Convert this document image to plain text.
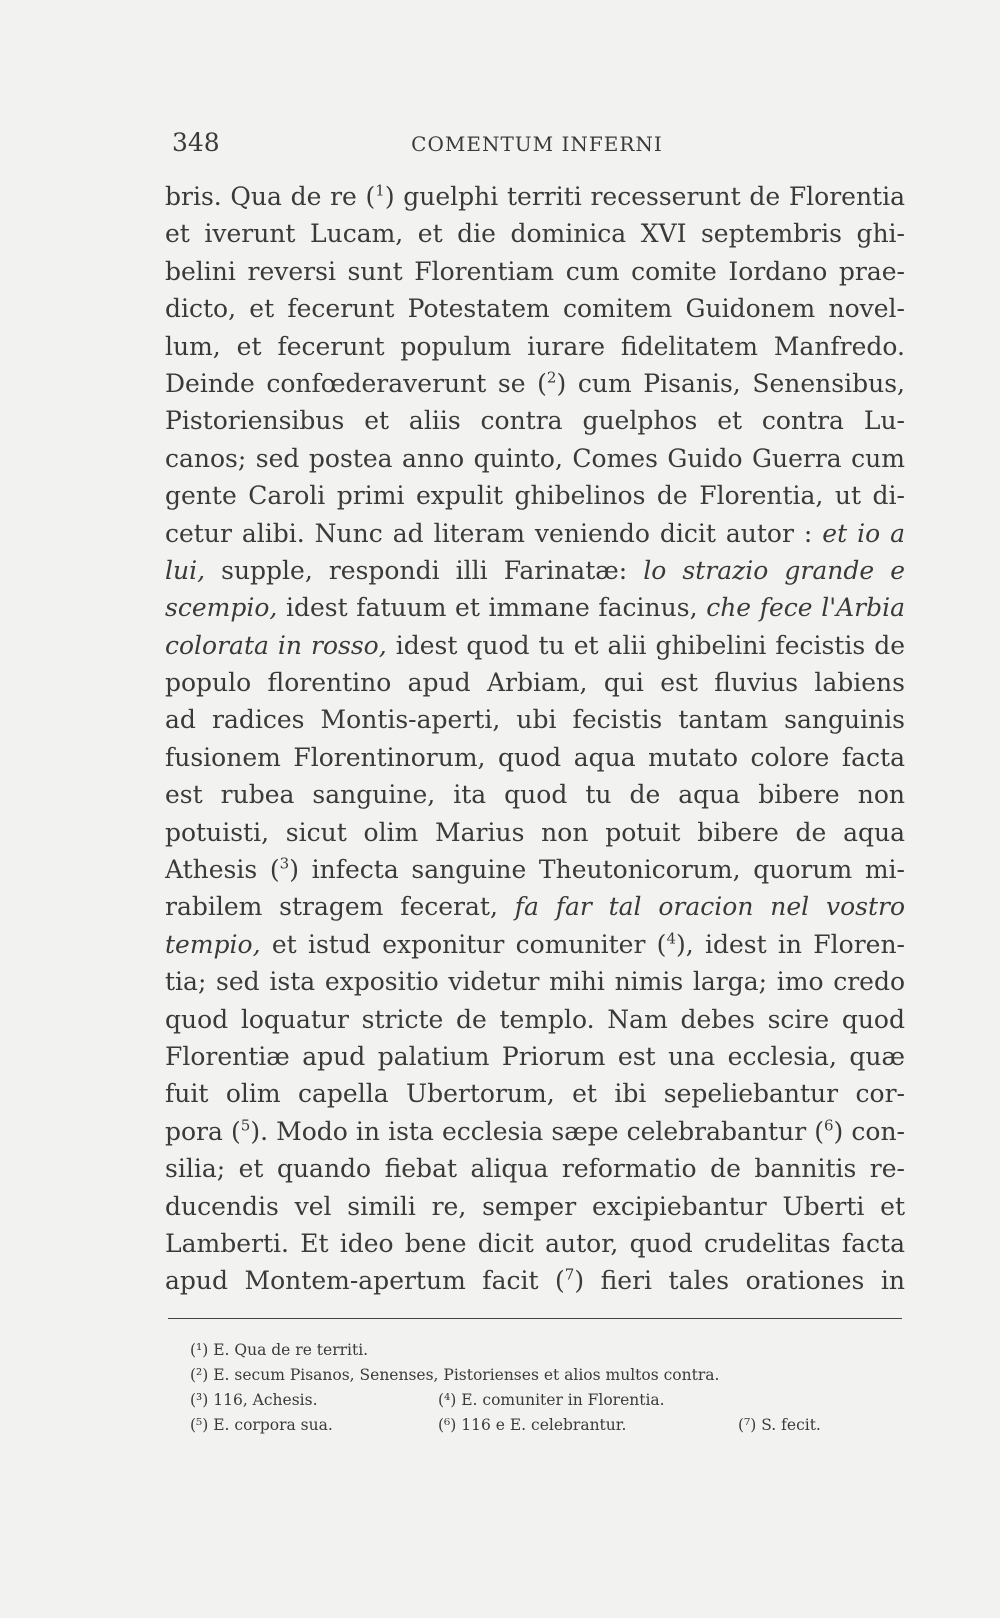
348	COMENTUM INFERNI
bris. Qua de re ($^1$) guelphi territi recesserunt de Florentia
et iverunt Lucam, et die dominica XVI septembris ghi-
belini reversi sunt Florentiam cum comite Iordano prae-
dicto, et fecerunt Potestatem comitem Guidonem novel-
lum, et fecerunt populum iurare fidelitatem Manfredo.
Deinde confœderaverunt se ($^2$) cum Pisanis, Senensibus,
Pistoriensibus et aliis contra guelphos et contra Lu-
canos; sed postea anno quinto, Comes Guido Guerra cum
gente Caroli primi expulit ghibelinos de Florentia, ut di-
cetur alibi. Nunc ad literam veniendo dicit autor : et io a
lui, supple, respondi illi Farinatæ: lo strazio grande e
scempio, idest fatuum et immane facinus, che fece l'Arbia
colorata in rosso, idest quod tu et alii ghibelini fecistis de
populo florentino apud Arbiam, qui est fluvius labiens
ad radices Montis-aperti, ubi fecistis tantam sanguinis
fusionem Florentinorum, quod aqua mutato colore facta
est rubea sanguine, ita quod tu de aqua bibere non
potuisti, sicut olim Marius non potuit bibere de aqua
Athesis ($^3$) infecta sanguine Theutonicorum, quorum mi-
rabilem stragem fecerat, fa far tal oracion nel vostro
tempio, et istud exponitur comuniter ($^4$), idest in Floren-
tia; sed ista expositio videtur mihi nimis larga; imo credo
quod loquatur stricte de templo. Nam debes scire quod
Florentiæ apud palatium Priorum est una ecclesia, quæ
fuit olim capella Ubertorum, et ibi sepeliebantur cor-
pora ($^5$). Modo in ista ecclesia sæpe celebrabantur ($^6$) con-
silia; et quando fiebat aliqua reformatio de bannitis re-
ducendis vel simili re, semper excipiebantur Uberti et
Lamberti. Et ideo bene dicit autor, quod crudelitas facta
apud Montem-apertum facit ($^7$) fieri tales orationes in
(¹) E. Qua de re territi.
(²) E. secum Pisanos, Senenses, Pistorienses et alios multos contra.
(³) 116, Achesis.	(⁴) E. comuniter in Florentia.
(⁵) E. corpora sua.	(⁶) 116 e E. celebrantur.	(⁷) S. fecit.
